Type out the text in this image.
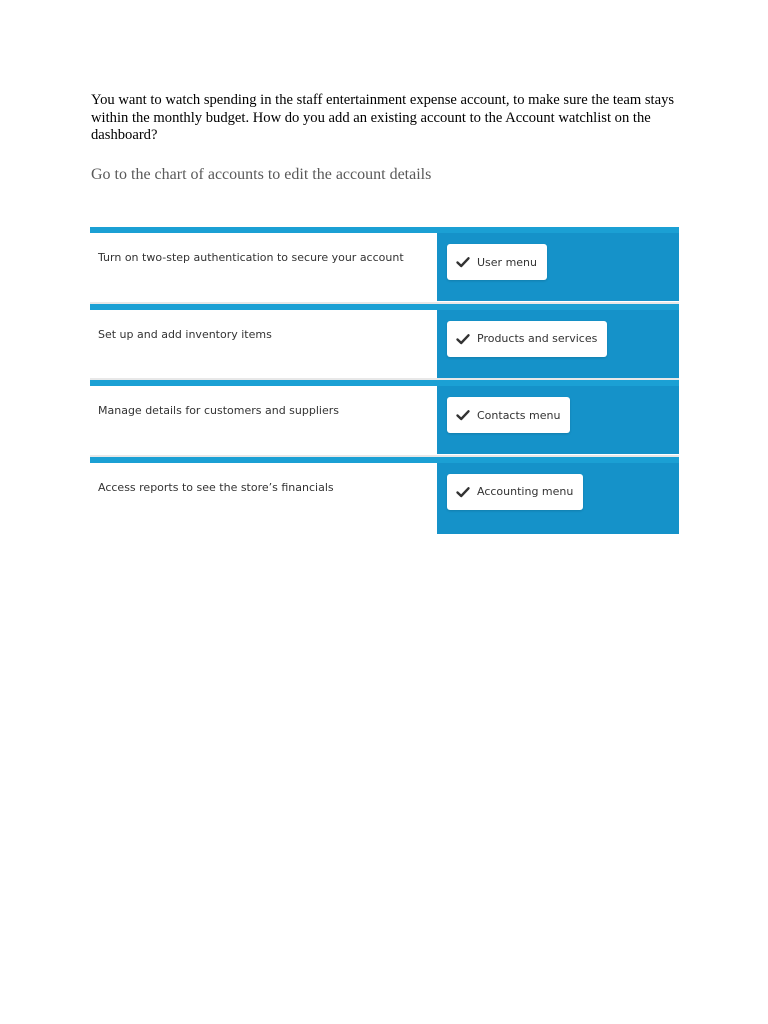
You want to watch spending in the staff entertainment expense account, to make sure the team stays within the monthly budget. How do you add an existing account to the Account watchlist on the dashboard?

Go to the chart of accounts to edit the account details

Turn on two-step authentication to secure your account	User menu
Set up and add inventory items	Products and services
Manage details for customers and suppliers	Contacts menu
Access reports to see the store’s financials	Accounting menu
